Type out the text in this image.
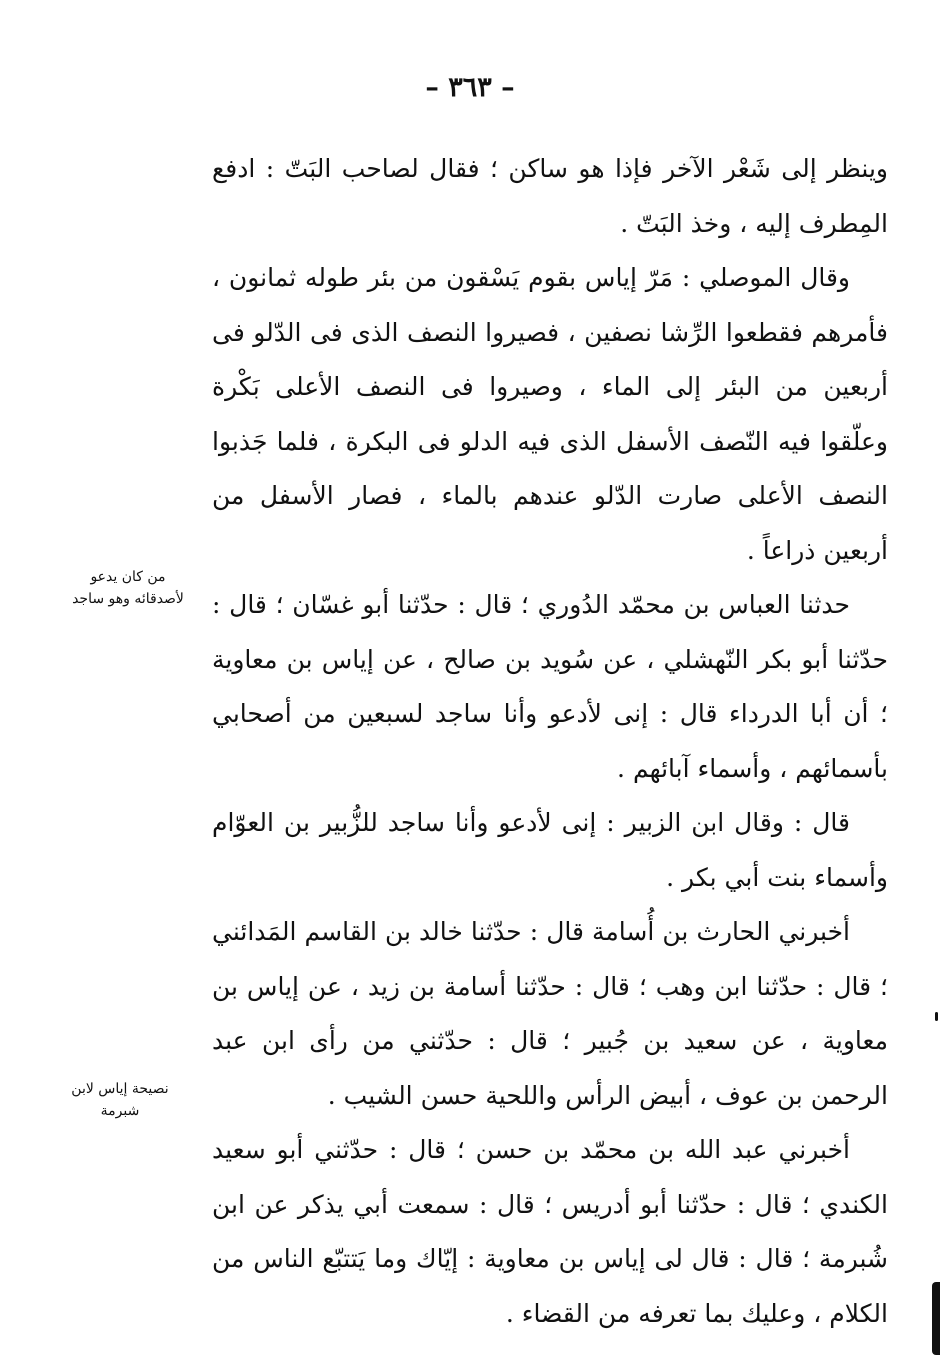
– ٣٦٣ –

وينظر إلى شَعْر الآخر فإذا هو ساكن ؛ فقال لصاحب البَتّ : ادفع المِطرف إليه ، وخذ البَتّ .

وقال الموصلي : مَرّ إياس بقوم يَسْقون من بئر طوله ثمانون ، فأمرهم فقطعوا الرِّشا نصفين ، فصيروا النصف الذى فى الدّلو فى أربعين من البئر إلى الماء ، وصيروا فى النصف الأعلى بَكْرة وعلّقوا فيه النّصف الأسفل الذى فيه الدلو فى البكرة ، فلما جَذبوا النصف الأعلى صارت الدّلو عندهم بالماء ، فصار الأسفل من أربعين ذراعاً .

حدثنا العباس بن محمّد الدُوري ؛ قال : حدّثنا أبو غسّان ؛ قال : حدّثنا أبو بكر النّهشلي ، عن سُويد بن صالح ، عن إياس بن معاوية ؛ أن أبا الدرداء قال : إنى لأدعو وأنا ساجد لسبعين من أصحابي بأسمائهم ، وأسماء آبائهم .

قال : وقال ابن الزبير : إنى لأدعو وأنا ساجد للزُّبير بن العوّام وأسماء بنت أبي بكر .

أخبرني الحارث بن أُسامة قال : حدّثنا خالد بن القاسم المَدائني ؛ قال : حدّثنا ابن وهب ؛ قال : حدّثنا أسامة بن زيد ، عن إياس بن معاوية ، عن سعيد بن جُبير ؛ قال : حدّثني من رأى ابن عبد الرحمن بن عوف ، أبيض الرأس واللحية حسن الشيب .

أخبرني عبد الله بن محمّد بن حسن ؛ قال : حدّثني أبو سعيد الكندي ؛ قال : حدّثنا أبو أدريس ؛ قال : سمعت أبي يذكر عن ابن شُبرمة ؛ قال : قال لى إياس بن معاوية : إيّاك وما يَتتبّع الناس من الكلام ، وعليك بما تعرفه من القضاء .

من كان يدعو لأصدقائه وهو ساجد
نصيحة إياس لابن شبرمة
